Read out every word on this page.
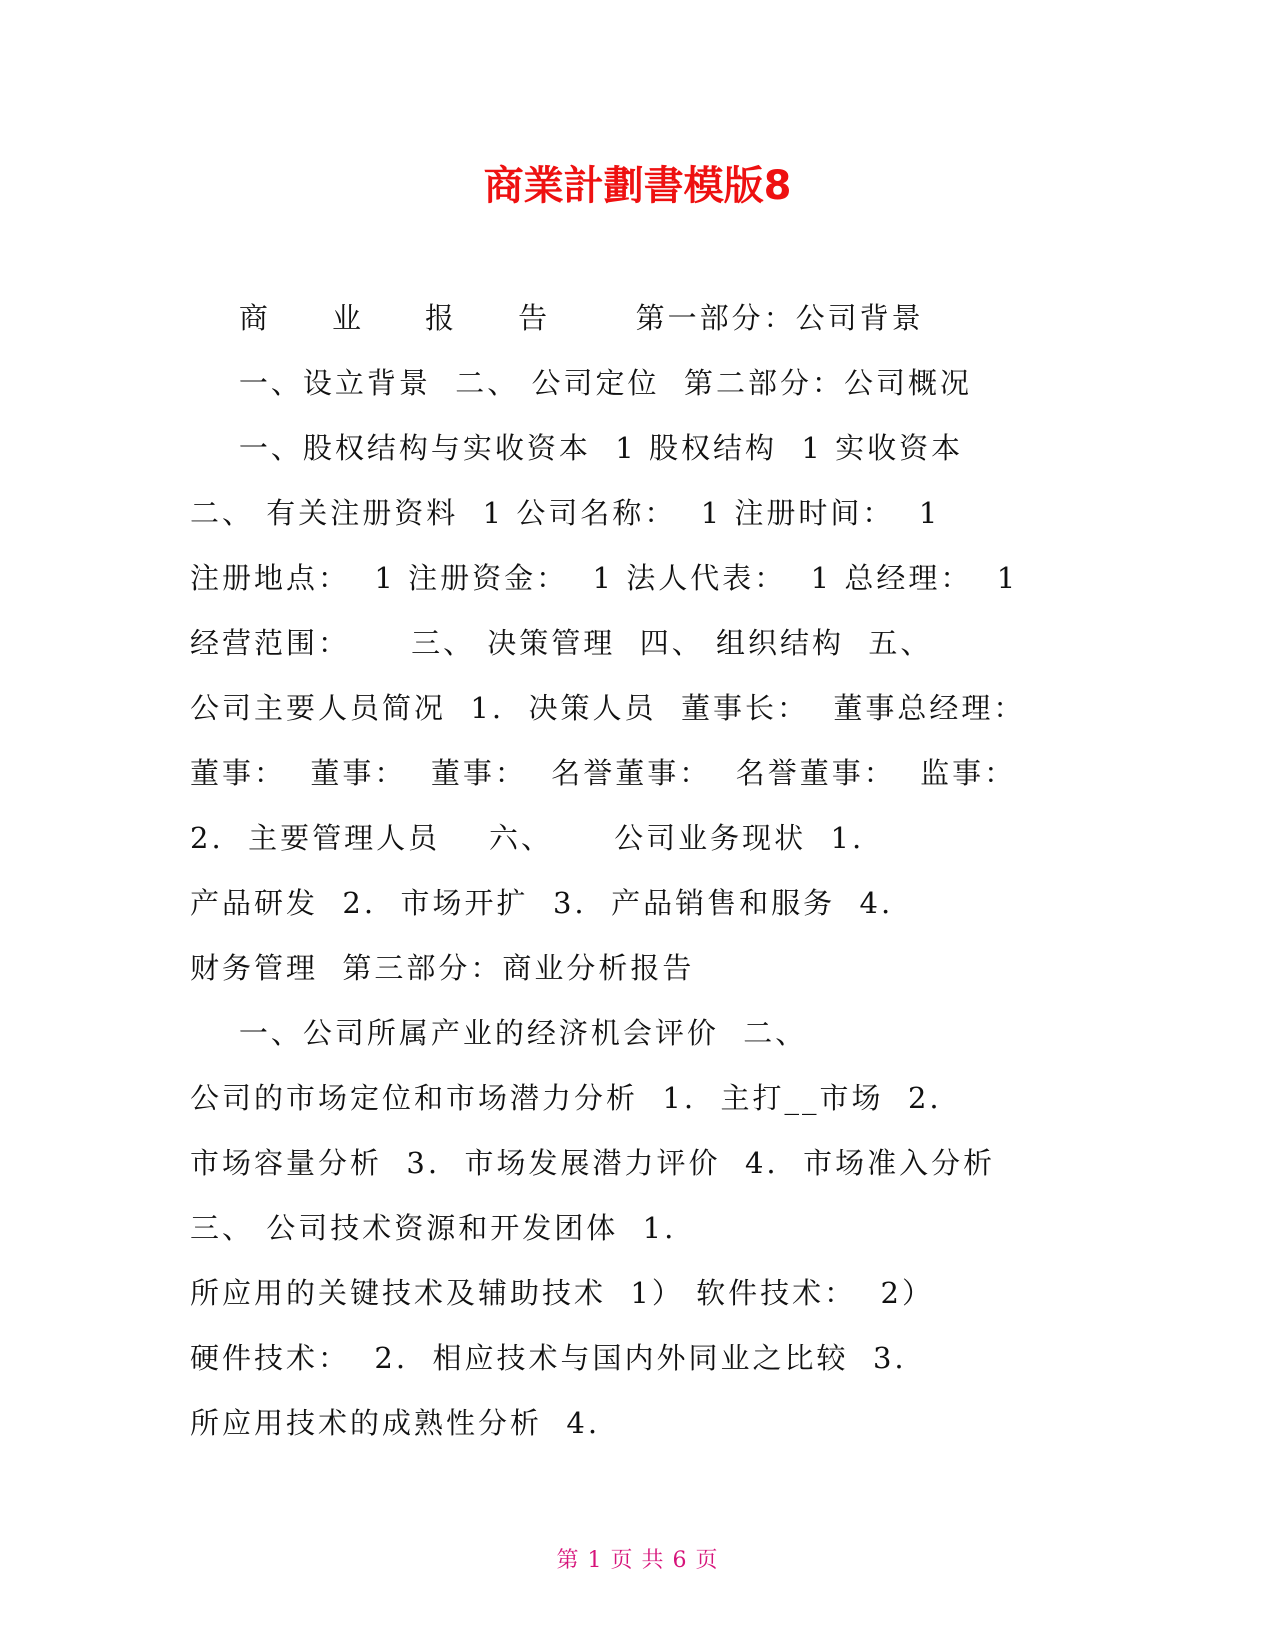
商業計劃書模版8
商     业     报     告       第一部分：公司背景
一、设立背景  二、 公司定位  第二部分：公司概况
一、股权结构与实收资本  1 股权结构  1 实收资本
二、 有关注册资料  1 公司名称：  1 注册时间：  1
注册地点：  1 注册资金：  1 法人代表：  1 总经理：  1
经营范围：     三、 决策管理  四、 组织结构  五、
公司主要人员简况  1.  决策人员  董事长：  董事总经理：
董事：  董事：  董事：  名誉董事：  名誉董事：  监事：
2.  主要管理人员    六、     公司业务现状  1.
产品研发  2.  市场开扩  3.  产品销售和服务  4.
财务管理  第三部分：商业分析报告
一、公司所属产业的经济机会评价  二、
公司的市场定位和市场潜力分析  1.  主打__市场  2.
市场容量分析  3.  市场发展潜力评价  4.  市场准入分析
三、 公司技术资源和开发团体  1.
所应用的关键技术及辅助技术  1） 软件技术：  2）
硬件技术：  2.  相应技术与国内外同业之比较  3.
所应用技术的成熟性分析  4.
第 1 页 共 6 页
